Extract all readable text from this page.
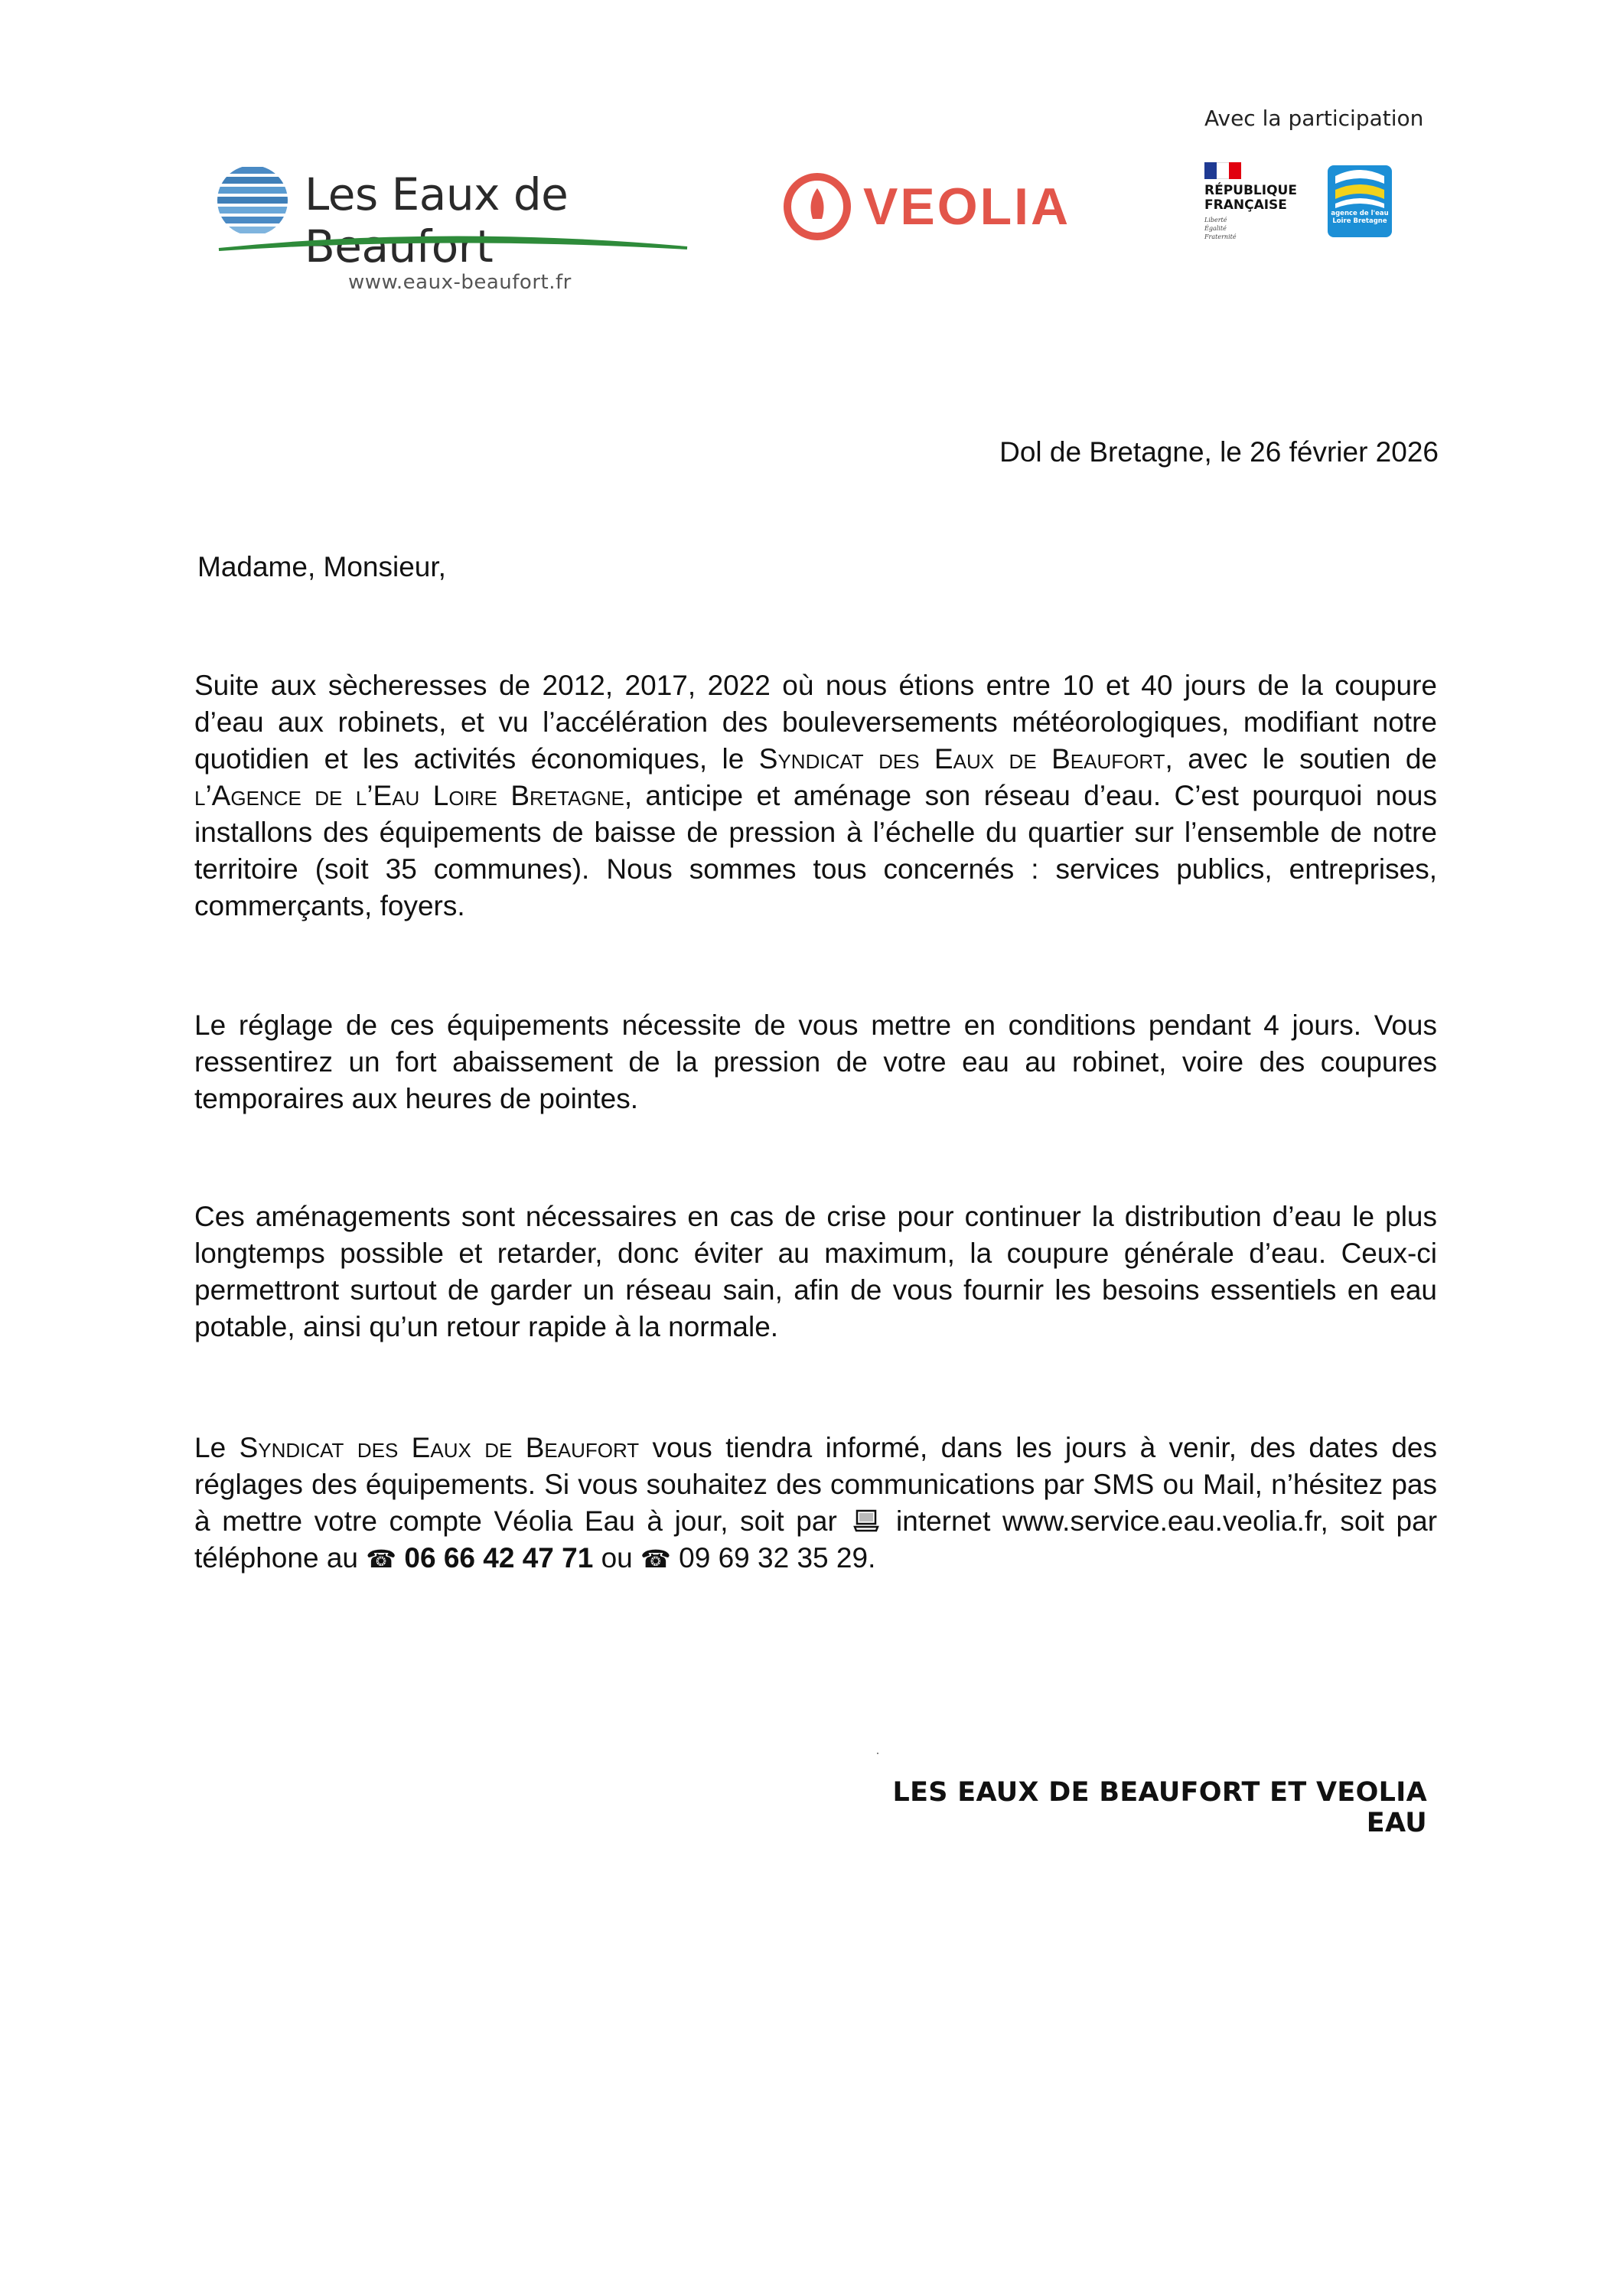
Les Eaux de Beaufort
www.eaux-beaufort.fr
VEOLIA
Avec la participation
RÉPUBLIQUE
FRANÇAISE
Liberté
Égalité
Fraternité
agence de l'eau
Loire Bretagne
Dol de Bretagne, le 26 février 2026
Madame, Monsieur,
Suite aux sècheresses de 2012, 2017, 2022 où nous étions entre 10 et 40 jours de la coupure d’eau aux robinets, et vu l’accélération des bouleversements météorologiques, modifiant notre quotidien et les activités économiques, le Syndicat des Eaux de Beaufort, avec le soutien de l’Agence de l’Eau Loire Bretagne, anticipe et aménage son réseau d’eau. C’est pourquoi nous installons des équipements de baisse de pression à l’échelle du quartier sur l’ensemble de notre territoire (soit 35 communes). Nous sommes tous concernés : services publics, entreprises, commerçants, foyers.
Le réglage de ces équipements nécessite de vous mettre en conditions pendant 4 jours. Vous ressentirez un fort abaissement de la pression de votre eau au robinet, voire des coupures temporaires aux heures de pointes.
Ces aménagements sont nécessaires en cas de crise pour continuer la distribution d’eau le plus longtemps possible et retarder, donc éviter au maximum, la coupure générale d’eau. Ceux-ci permettront surtout de garder un réseau sain, afin de vous fournir les besoins essentiels en eau potable, ainsi qu’un retour rapide à la normale.
Le Syndicat des Eaux de Beaufort vous tiendra informé, dans les jours à venir, des dates des réglages des équipements. Si vous souhaitez des communications par SMS ou Mail, n’hésitez pas à mettre votre compte Véolia Eau à jour, soit par internet www.service.eau.veolia.fr, soit par téléphone au ☎ 06 66 42 47 71 ou ☎ 09 69 32 35 29.
LES EAUX DE BEAUFORT ET VEOLIA EAU
